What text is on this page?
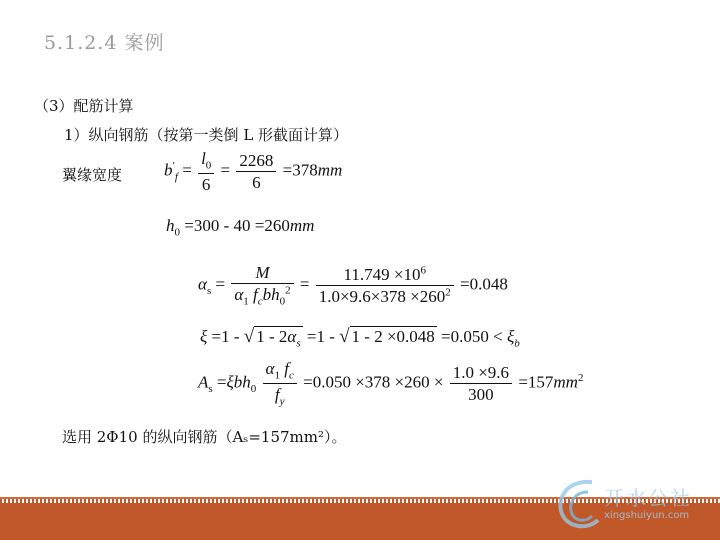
5.1.2.4 案例
（3）配筋计算
1）纵向钢筋（按第一类倒 L 形截面计算）
翼缘宽度 $b'_f = \frac{l_0}{6} = \frac{2268}{6} =378mm$
$h_0 =300 - 40 =260mm$
$\alpha_s = \frac{M}{\alpha_1 f_cbh_0^2} = \frac{11.749 \times 10^6}{1.0\times 9.6\times 378 \times 260^2} =0.048$
ξ =1 - √ $1 - 2\alpha_s =1$ - √ $1 - 2 \times 0.048 =0.050 < \xi_b$
$A_s =\xi bh_0 \frac{\alpha_1 f_c}{f_y} =0.050 \times 378 \times 260 \times \frac{1.0 \times 9.6}{300} =157mm^2$
选用 2Φ10 的纵向钢筋（Aₛ=157mm²）。
开水公社
xingshuiyun.com
